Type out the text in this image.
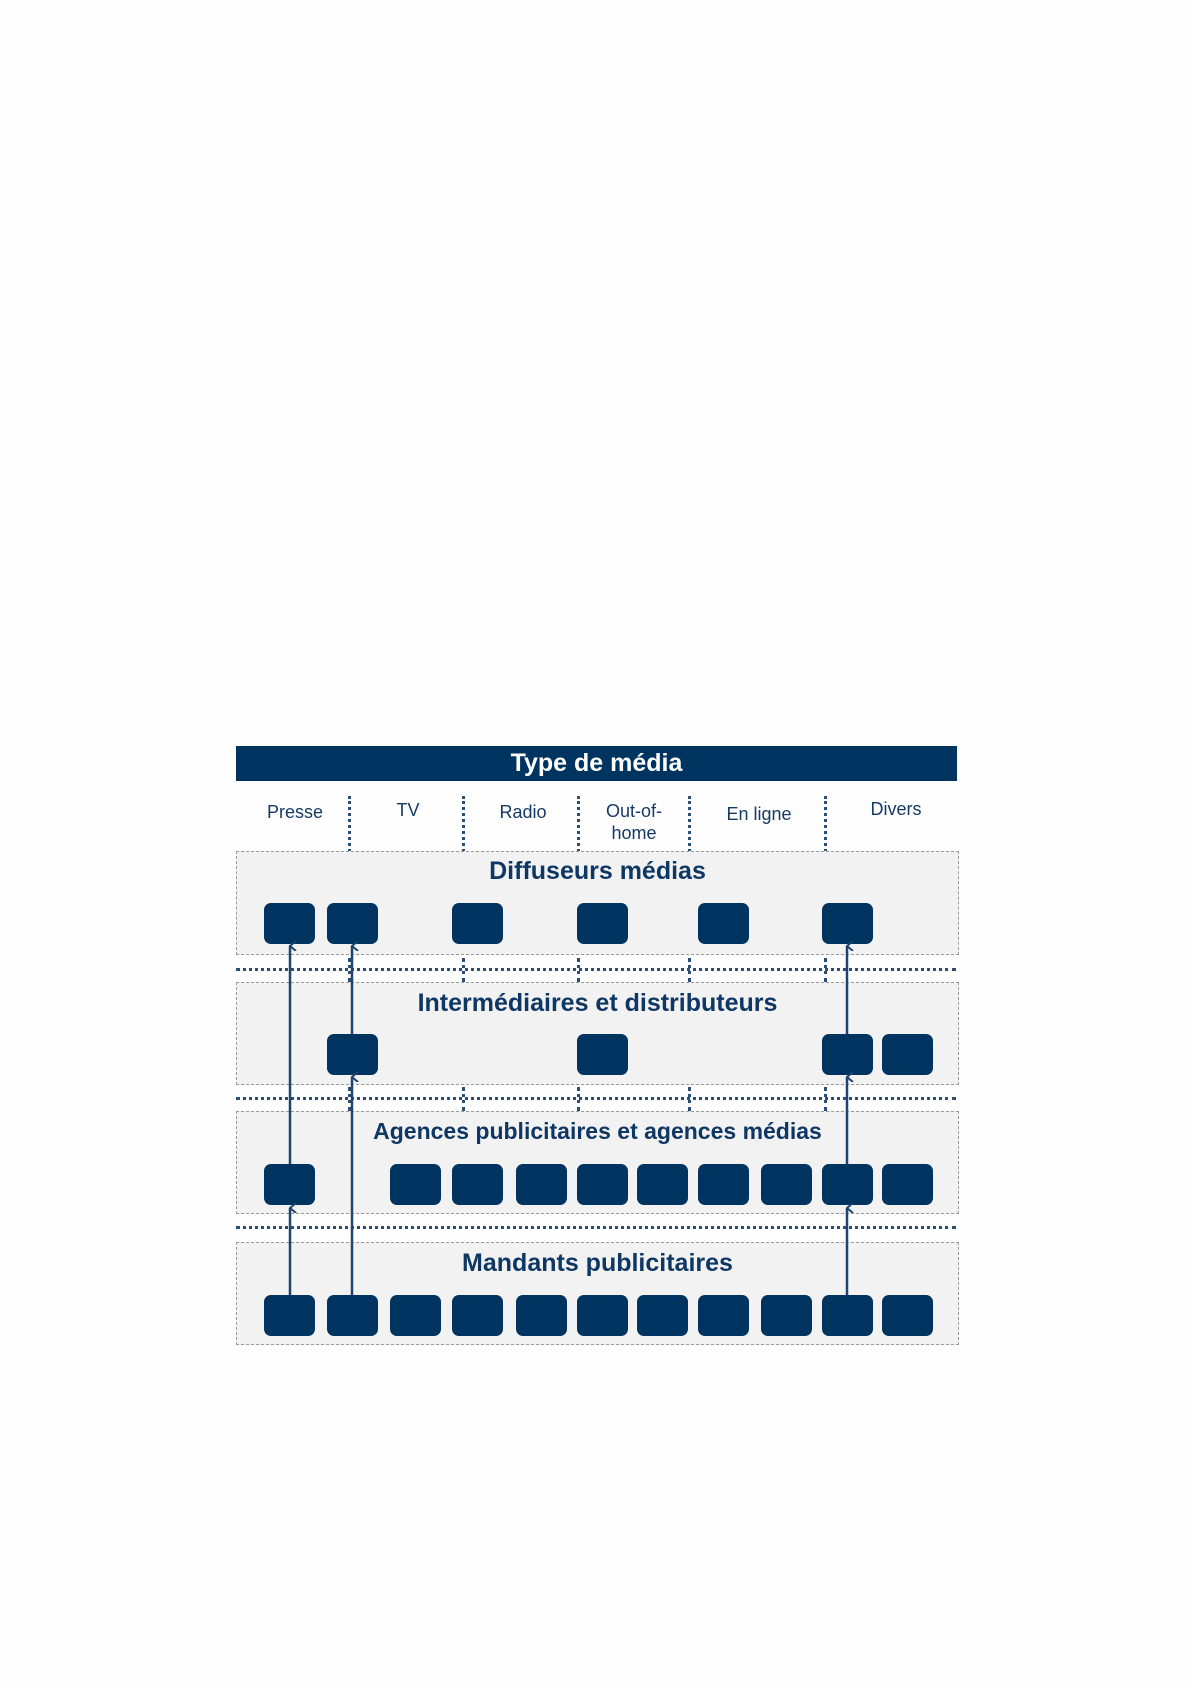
Type de média
Presse	TV	Radio	Out-of-
home
En ligne	Divers
Diffuseurs médias
Intermédiaires et distributeurs
Agences publicitaires et agences médias
Mandants publicitaires
